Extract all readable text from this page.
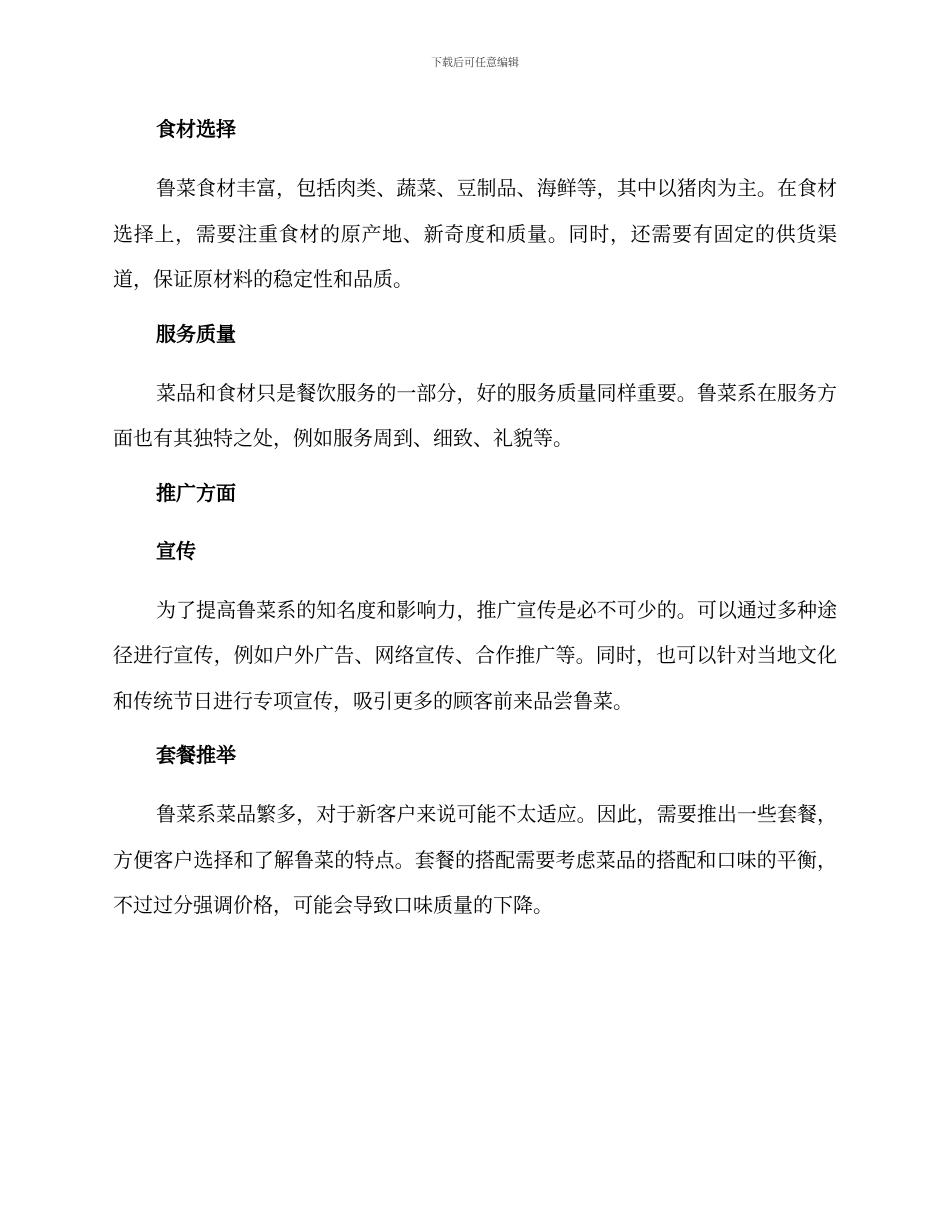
下载后可任意编辑
食材选择

鲁菜食材丰富，包括肉类、蔬菜、豆制品、海鲜等，其中以猪肉为主。在食材选择上，需要注重食材的原产地、新奇度和质量。同时，还需要有固定的供货渠道，保证原材料的稳定性和品质。

服务质量

菜品和食材只是餐饮服务的一部分，好的服务质量同样重要。鲁菜系在服务方面也有其独特之处，例如服务周到、细致、礼貌等。

推广方面
宣传

为了提高鲁菜系的知名度和影响力，推广宣传是必不可少的。可以通过多种途径进行宣传，例如户外广告、网络宣传、合作推广等。同时，也可以针对当地文化和传统节日进行专项宣传，吸引更多的顾客前来品尝鲁菜。

套餐推举

鲁菜系菜品繁多，对于新客户来说可能不太适应。因此，需要推出一些套餐，方便客户选择和了解鲁菜的特点。套餐的搭配需要考虑菜品的搭配和口味的平衡，不过过分强调价格，可能会导致口味质量的下降。
